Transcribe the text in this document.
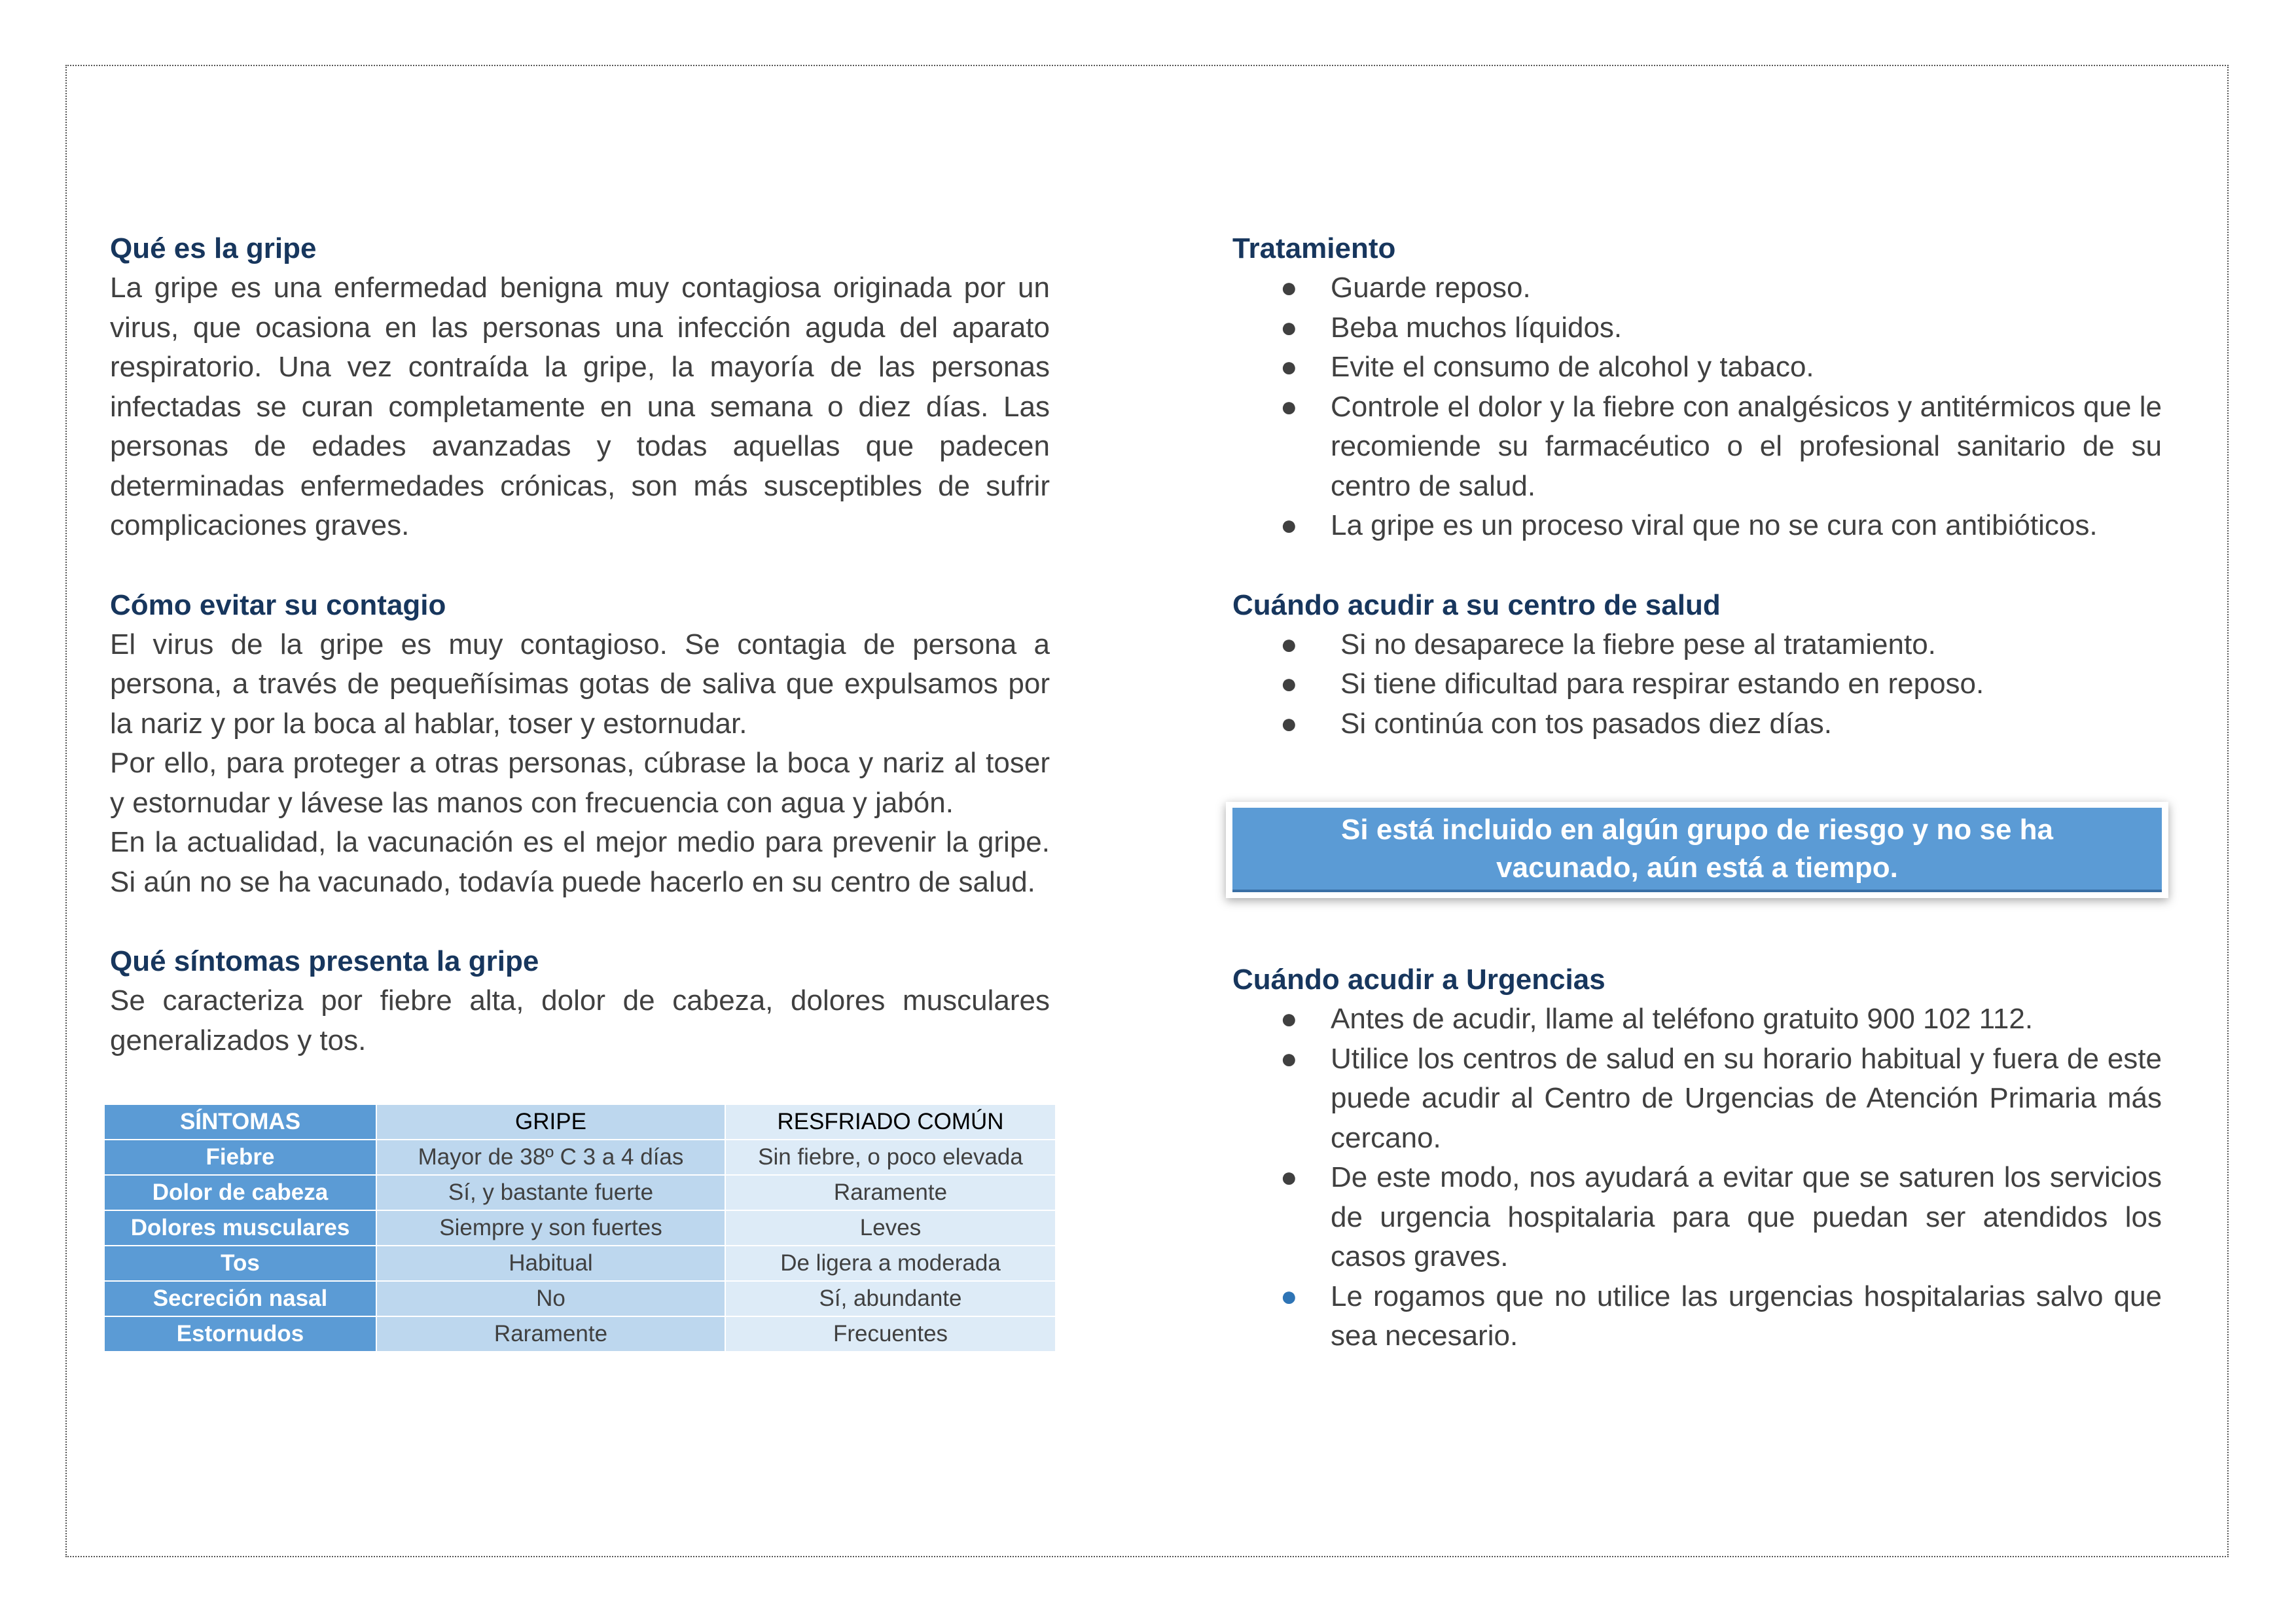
Qué es la gripe

La gripe es una enfermedad benigna muy contagiosa originada por un virus, que ocasiona en las personas una infección aguda del aparato respiratorio. Una vez contraída la gripe, la mayoría de las personas infectadas se curan completamente en una semana o diez días. Las personas de edades avanzadas y todas aquellas que padecen determinadas enfermedades crónicas, son más susceptibles de sufrir complicaciones graves.

Cómo evitar su contagio

El virus de la gripe es muy contagioso. Se contagia de persona a persona, a través de pequeñísimas gotas de saliva que expulsamos por la nariz y por la boca al hablar, toser y estornudar.

Por ello, para proteger a otras personas, cúbrase la boca y nariz al toser y estornudar y lávese las manos con frecuencia con agua y jabón.

En la actualidad, la vacunación es el mejor medio para prevenir la gripe. Si aún no se ha vacunado, todavía puede hacerlo en su centro de salud.

Qué síntomas presenta la gripe

Se caracteriza por fiebre alta, dolor de cabeza, dolores musculares generalizados y tos.

SÍNTOMAS	GRIPE	RESFRIADO COMÚN
Fiebre	Mayor de 38º C 3 a 4 días	Sin fiebre, o poco elevada
Dolor de cabeza	Sí, y bastante fuerte	Raramente
Dolores musculares	Siempre y son fuertes	Leves
Tos	Habitual	De ligera a moderada
Secreción nasal	No	Sí, abundante
Estornudos	Raramente	Frecuentes
Tratamiento
● Guarde reposo.
● Beba muchos líquidos.
● Evite el consumo de alcohol y tabaco.
● Controle el dolor y la fiebre con analgésicos y antitérmicos que le recomiende su farmacéutico o el profesional sanitario de su centro de salud.
● La gripe es un proceso viral que no se cura con antibióticos.
Cuándo acudir a su centro de salud
● Si no desaparece la fiebre pese al tratamiento.
● Si tiene dificultad para respirar estando en reposo.
● Si continúa con tos pasados diez días.
Si está incluido en algún grupo de riesgo y no se ha vacunado, aún está a tiempo.
Cuándo acudir a Urgencias
● Antes de acudir, llame al teléfono gratuito 900 102 112.
● Utilice los centros de salud en su horario habitual y fuera de este puede acudir al Centro de Urgencias de Atención Primaria más cercano.
● De este modo, nos ayudará a evitar que se saturen los servicios de urgencia hospitalaria para que puedan ser atendidos los casos graves.
● Le rogamos que no utilice las urgencias hospitalarias salvo que sea necesario.
